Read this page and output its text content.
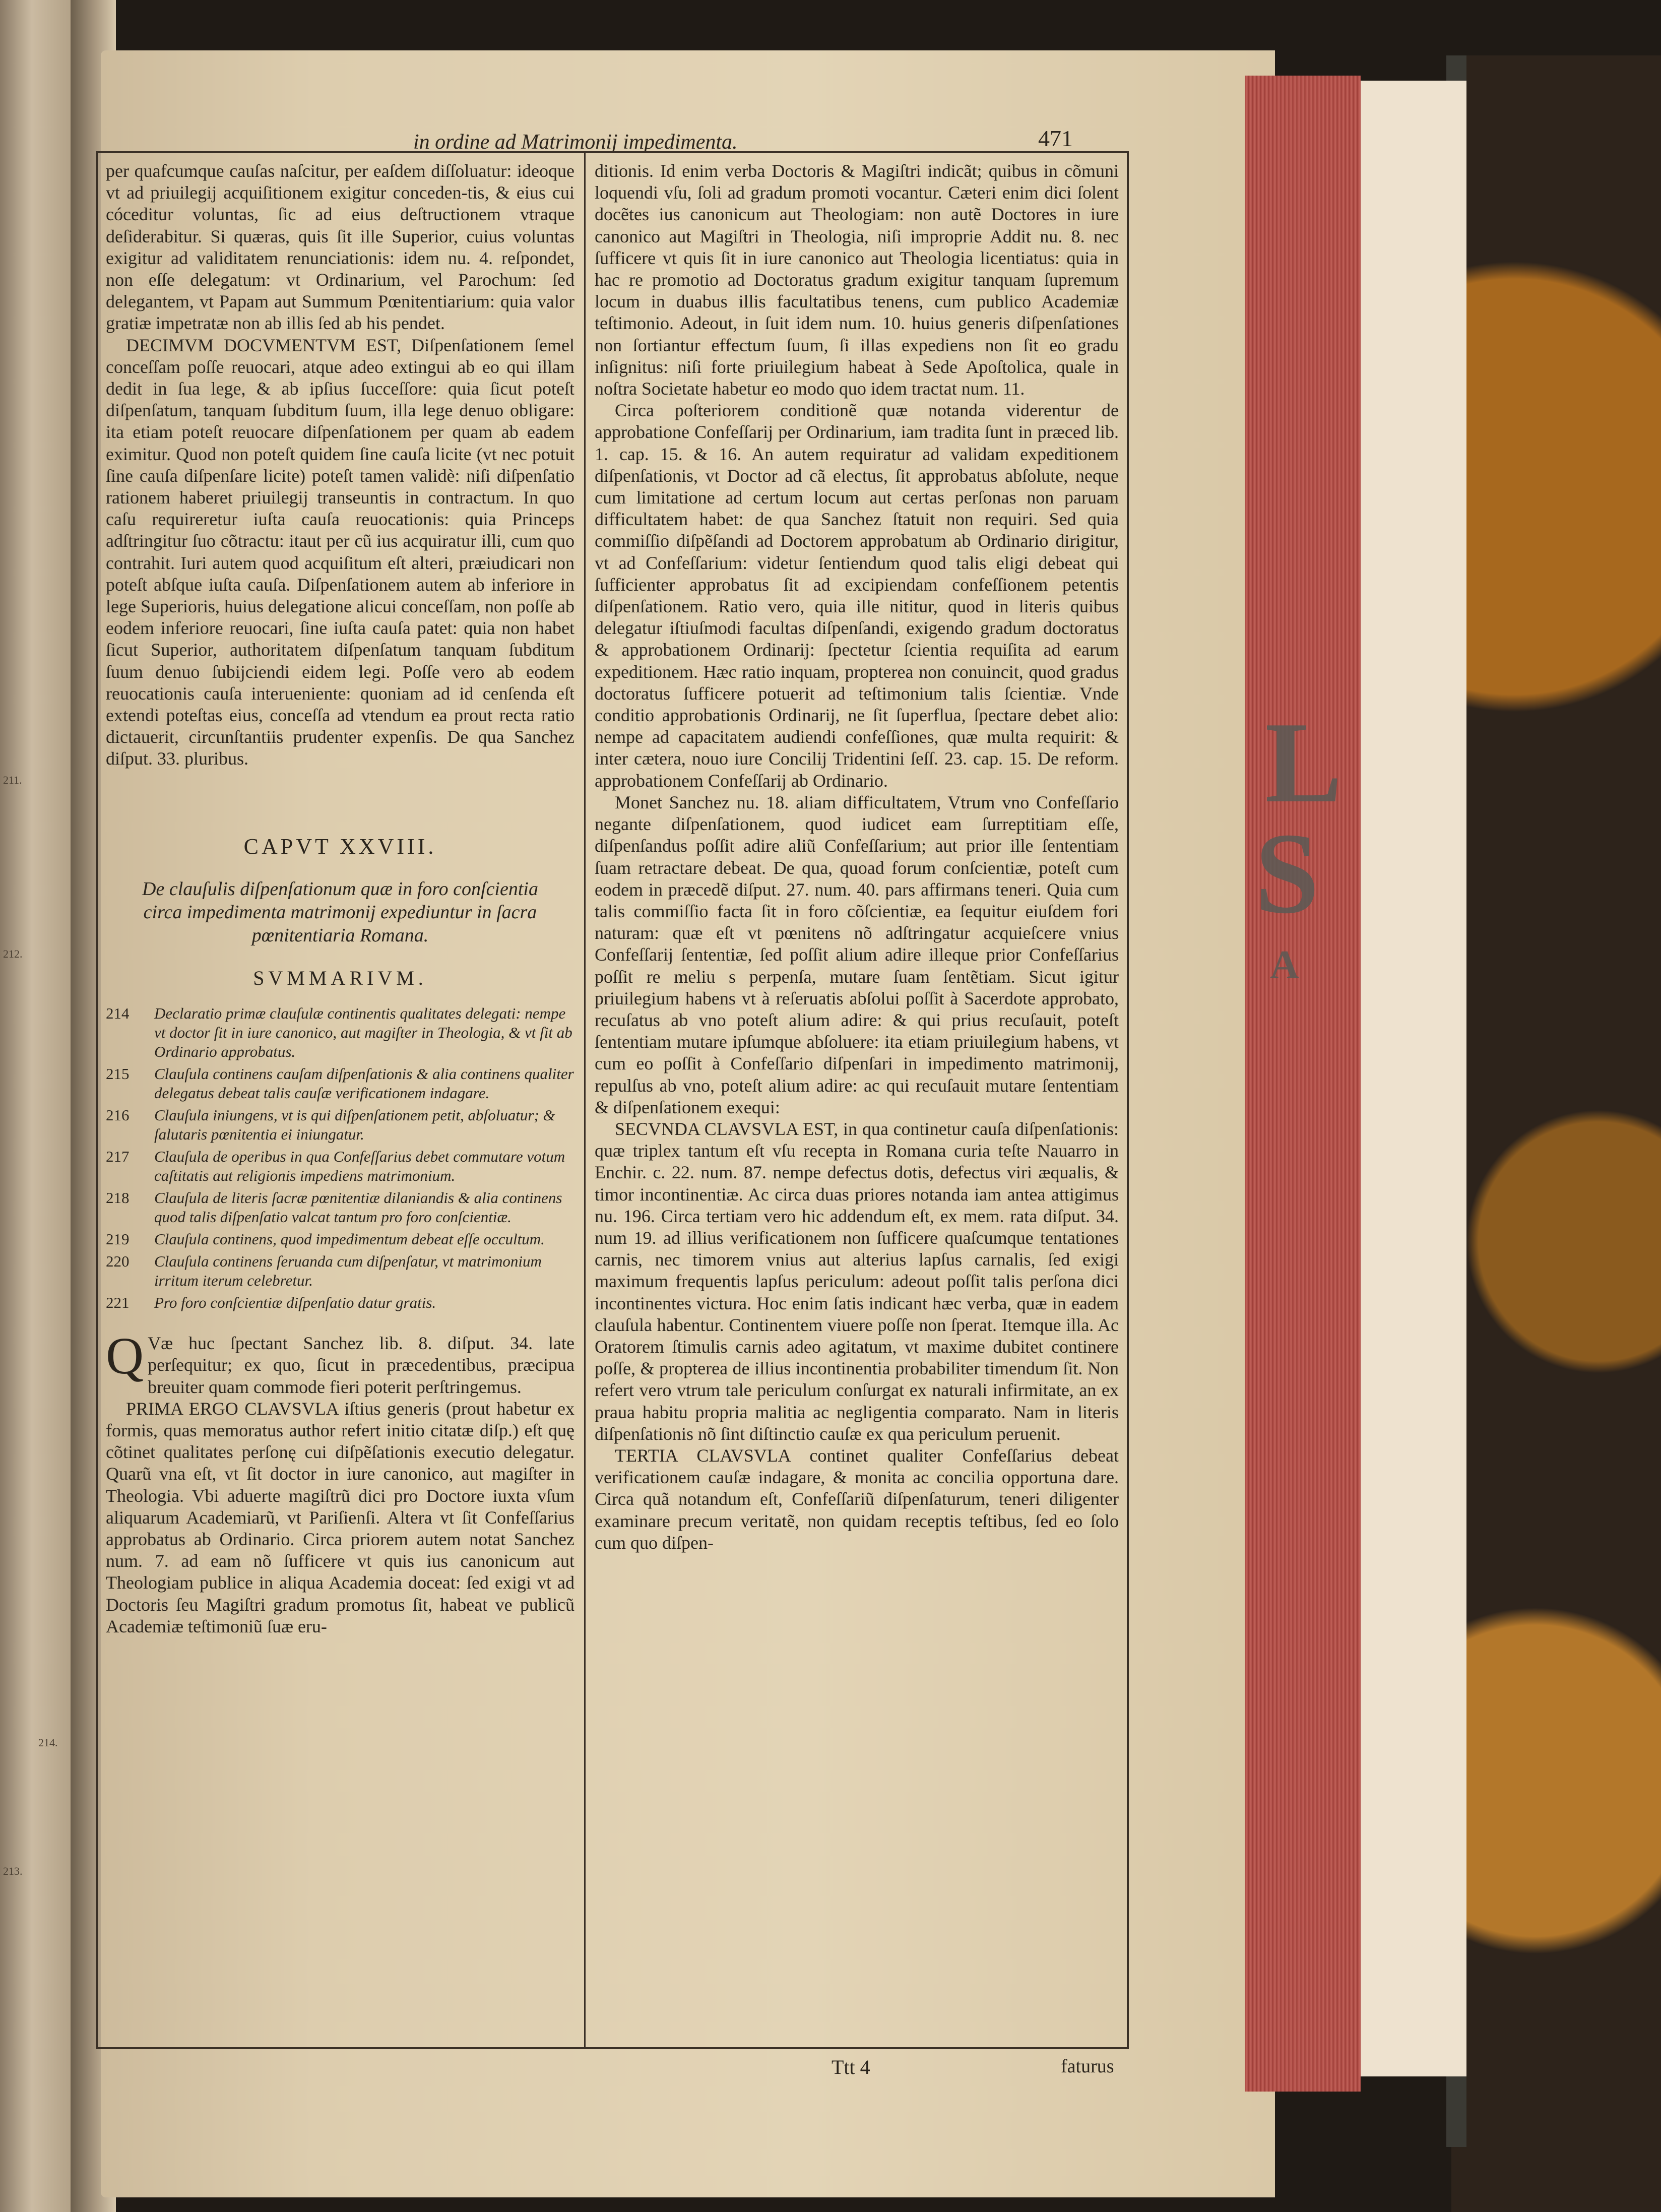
211.
212.
214.
213.
L
S
A
in ordine ad Matrimonij impedimenta.	471

per quafcumque cauſas naſcitur, per eaſdem diſſoluatur: ideoque vt ad priuilegij acquiſitionem exigitur conceden-tis, & eius cui cóceditur voluntas, ſic ad eius deſtructionem vtraque deſiderabitur. Si quæras, quis ſit ille Superior, cuius voluntas exigitur ad validitatem renunciationis: idem nu. 4. reſpondet, non eſſe delegatum: vt Ordinarium, vel Parochum: ſed delegantem, vt Papam aut Summum Pœnitentiarium: quia valor gratiæ impetratæ non ab illis ſed ab his pendet.

DECIMVM DOCVMENTVM EST, Diſpenſationem ſemel conceſſam poſſe reuocari, atque adeo extingui ab eo qui illam dedit in ſua lege, & ab ipſius ſucceſſore: quia ſicut poteſt diſpenſatum, tanquam ſubditum ſuum, illa lege denuo obligare: ita etiam poteſt reuocare diſpenſationem per quam ab eadem eximitur. Quod non poteſt quidem ſine cauſa licite (vt nec potuit ſine cauſa diſpenſare licite) poteſt tamen validè: niſi diſpenſatio rationem haberet priuilegij transeuntis in contractum. In quo caſu requireretur iuſta cauſa reuocationis: quia Princeps adſtringitur ſuo cõtractu: itaut per cũ ius acquiratur illi, cum quo contrahit. Iuri autem quod acquiſitum eſt alteri, præiudicari non poteſt abſque iuſta cauſa. Diſpenſationem autem ab inferiore in lege Superioris, huius delegatione alicui conceſſam, non poſſe ab eodem inferiore reuocari, ſine iuſta cauſa patet: quia non habet ſicut Superior, authoritatem diſpenſatum tanquam ſubditum ſuum denuo ſubijciendi eidem legi. Poſſe vero ab eodem reuocationis cauſa interueniente: quoniam ad id cenſenda eſt extendi poteſtas eius, conceſſa ad vtendum ea prout recta ratio dictauerit, circunſtantiis prudenter expenſis. De qua Sanchez diſput. 33. pluribus.

CAPVT XXVIII.
De clauſulis diſpenſationum quæ in foro conſcientia circa impedimenta matrimonij expediuntur in ſacra pœnitentiaria Romana.
SVMMARIVM.
214	Declaratio primæ clauſulæ continentis qualitates delegati: nempe vt doctor ſit in iure canonico, aut magiſter in Theologia, & vt ſit ab Ordinario approbatus.
215	Clauſula continens cauſam diſpenſationis & alia continens qualiter delegatus debeat talis cauſæ verificationem indagare.
216	Clauſula iniungens, vt is qui diſpenſationem petit, abſoluatur; & ſalutaris pœnitentia ei iniungatur.
217	Clauſula de operibus in qua Confeſſarius debet commutare votum caſtitatis aut religionis impediens matrimonium.
218	Clauſula de literis ſacræ pœnitentiæ dilaniandis & alia continens quod talis diſpenſatio valcat tantum pro foro conſcientiæ.
219	Clauſula continens, quod impedimentum debeat eſſe occultum.
220	Clauſula continens ſeruanda cum diſpenſatur, vt matrimonium irritum iterum celebretur.
221	Pro foro conſcientiæ diſpenſatio datur gratis.

Q Væ huc ſpectant Sanchez lib. 8. diſput. 34. late perſequitur; ex quo, ſicut in præcedentibus, præcipua breuiter quam commode fieri poterit perſtringemus.

PRIMA ERGO CLAVSVLA iſtius generis (prout habetur ex formis, quas memoratus author refert initio citatæ diſp.) eſt quę cõtinet qualitates perſonę cui diſpẽſationis executio delegatur. Quarũ vna eſt, vt ſit doctor in iure canonico, aut magiſter in Theologia. Vbi aduerte magiſtrũ dici pro Doctore iuxta vſum aliquarum Academiarũ, vt Pariſienſi. Altera vt ſit Confeſſarius approbatus ab Ordinario. Circa priorem autem notat Sanchez num. 7. ad eam nõ ſufficere vt quis ius canonicum aut Theologiam publice in aliqua Academia doceat: ſed exigi vt ad Doctoris ſeu Magiſtri gradum promotus ſit, habeat ve publicũ Academiæ teſtimoniũ ſuæ eru-

ditionis. Id enim verba Doctoris & Magiſtri indicãt; quibus in cõmuni loquendi vſu, ſoli ad gradum promoti vocantur. Cæteri enim dici ſolent docẽtes ius canonicum aut Theologiam: non autẽ Doctores in iure canonico aut Magiſtri in Theologia, niſi improprie Addit nu. 8. nec ſufficere vt quis ſit in iure canonico aut Theologia licentiatus: quia in hac re promotio ad Doctoratus gradum exigitur tanquam ſupremum locum in duabus illis facultatibus tenens, cum publico Academiæ teſtimonio. Adeout, in ſuit idem num. 10. huius generis diſpenſationes non ſortiantur effectum ſuum, ſi illas expediens non ſit eo gradu inſignitus: niſi forte priuilegium habeat à Sede Apoſtolica, quale in noſtra Societate habetur eo modo quo idem tractat num. 11.

Circa poſteriorem conditionẽ quæ notanda viderentur de approbatione Confeſſarij per Ordinarium, iam tradita ſunt in præced lib. 1. cap. 15. & 16. An autem requiratur ad validam expeditionem diſpenſationis, vt Doctor ad cã electus, ſit approbatus abſolute, neque cum limitatione ad certum locum aut certas perſonas non paruam difficultatem habet: de qua Sanchez ſtatuit non requiri. Sed quia commiſſio diſpẽſandi ad Doctorem approbatum ab Ordinario dirigitur, vt ad Confeſſarium: videtur ſentiendum quod talis eligi debeat qui ſufficienter approbatus ſit ad excipiendam confeſſionem petentis diſpenſationem. Ratio vero, quia ille nititur, quod in literis quibus delegatur iſtiuſmodi facultas diſpenſandi, exigendo gradum doctoratus & approbationem Ordinarij: ſpectetur ſcientia requiſita ad earum expeditionem. Hæc ratio inquam, propterea non conuincit, quod gradus doctoratus ſufficere potuerit ad teſtimonium talis ſcientiæ. Vnde conditio approbationis Ordinarij, ne ſit ſuperflua, ſpectare debet alio: nempe ad capacitatem audiendi confeſſiones, quæ multa requirit: & inter cætera, nouo iure Concilij Tridentini ſeſſ. 23. cap. 15. De reform. approbationem Confeſſarij ab Ordinario.

Monet Sanchez nu. 18. aliam difficultatem, Vtrum vno Confeſſario negante diſpenſationem, quod iudicet eam ſurreptitiam eſſe, diſpenſandus poſſit adire aliũ Confeſſarium; aut prior ille ſententiam ſuam retractare debeat. De qua, quoad forum conſcientiæ, poteſt cum eodem in præcedẽ diſput. 27. num. 40. pars affirmans teneri. Quia cum talis commiſſio facta ſit in foro cõſcientiæ, ea ſequitur eiuſdem fori naturam: quæ eſt vt pœnitens nõ adſtringatur acquieſcere vnius Confeſſarij ſententiæ, ſed poſſit alium adire illeque prior Confeſſarius poſſit re meliu s perpenſa, mutare ſuam ſentẽtiam. Sicut igitur priuilegium habens vt à reſeruatis abſolui poſſit à Sacerdote approbato, recuſatus ab vno poteſt alium adire: & qui prius recuſauit, poteſt ſententiam mutare ipſumque abſoluere: ita etiam priuilegium habens, vt cum eo poſſit à Confeſſario diſpenſari in impedimento matrimonij, repulſus ab vno, poteſt alium adire: ac qui recuſauit mutare ſententiam & diſpenſationem exequi:

SECVNDA CLAVSVLA EST, in qua continetur cauſa diſpenſationis: quæ triplex tantum eſt vſu recepta in Romana curia teſte Nauarro in Enchir. c. 22. num. 87. nempe defectus dotis, defectus viri æqualis, & timor incontinentiæ. Ac circa duas priores notanda iam antea attigimus nu. 196. Circa tertiam vero hic addendum eſt, ex mem. rata diſput. 34. num 19. ad illius verificationem non ſufficere quaſcumque tentationes carnis, nec timorem vnius aut alterius lapſus carnalis, ſed exigi maximum frequentis lapſus periculum: adeout poſſit talis perſona dici incontinentes victura. Hoc enim ſatis indicant hæc verba, quæ in eadem clauſula habentur. Continentem viuere poſſe non ſperat. Itemque illa. Ac Oratorem ſtimulis carnis adeo agitatum, vt maxime dubitet continere poſſe, & propterea de illius incontinentia probabiliter timendum ſit. Non refert vero vtrum tale periculum conſurgat ex naturali infirmitate, an ex praua habitu propria malitia ac negligentia comparato. Nam in literis diſpenſationis nõ ſint diſtinctio cauſæ ex qua periculum peruenit.

TERTIA CLAVSVLA continet qualiter Confeſſarius debeat verificationem cauſæ indagare, & monita ac concilia opportuna dare. Circa quã notandum eſt, Confeſſariũ diſpenſaturum, teneri diligenter examinare precum veritatẽ, non quidam receptis teſtibus, ſed eo ſolo cum quo diſpen-

Ttt 4	faturus
